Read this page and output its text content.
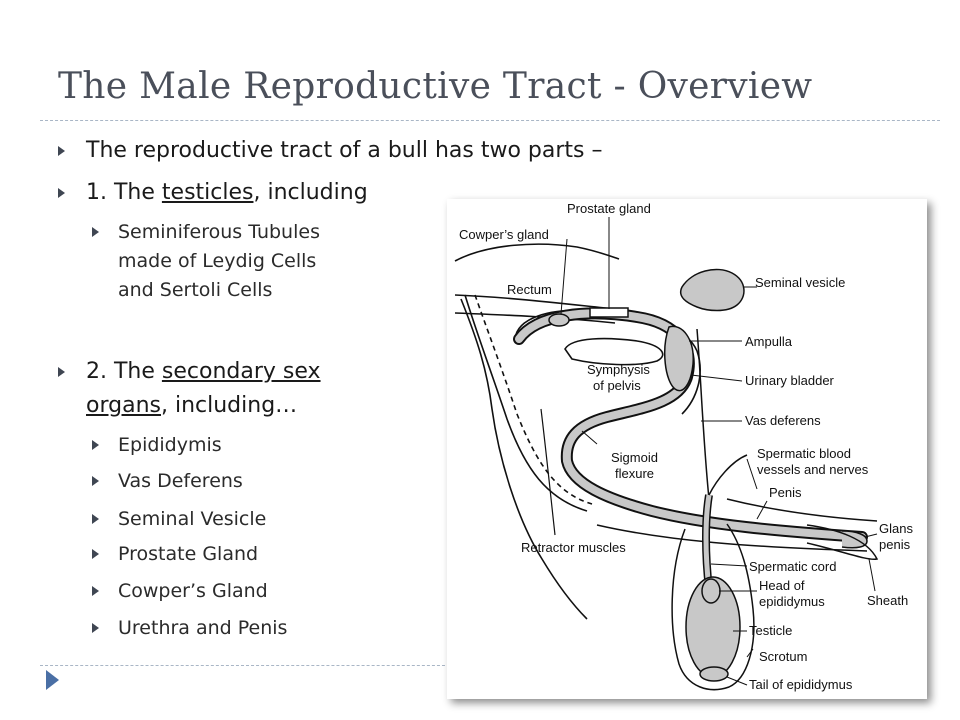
The Male Reproductive Tract - Overview
The reproductive tract of a bull has two parts –
1. The testicles, including
Seminiferous Tubules
made of Leydig Cells
and Sertoli Cells
2. The secondary sex
organs, including…
Epididymis
Vas Deferens
Seminal Vesicle
Prostate Gland
Cowper’s Gland
Urethra and Penis
Prostate gland
Cowper’s gland
Rectum	Seminal vesicle
Ampulla
Symphysis
of pelvis	Urinary bladder
Vas deferens
Sigmoid
flexure
Spermatic blood
vessels and nerves
Penis
Glans
penis
Retractor muscles
Spermatic cord
Head of
epididymus	Sheath
Testicle
Scrotum
Tail of epididymus
